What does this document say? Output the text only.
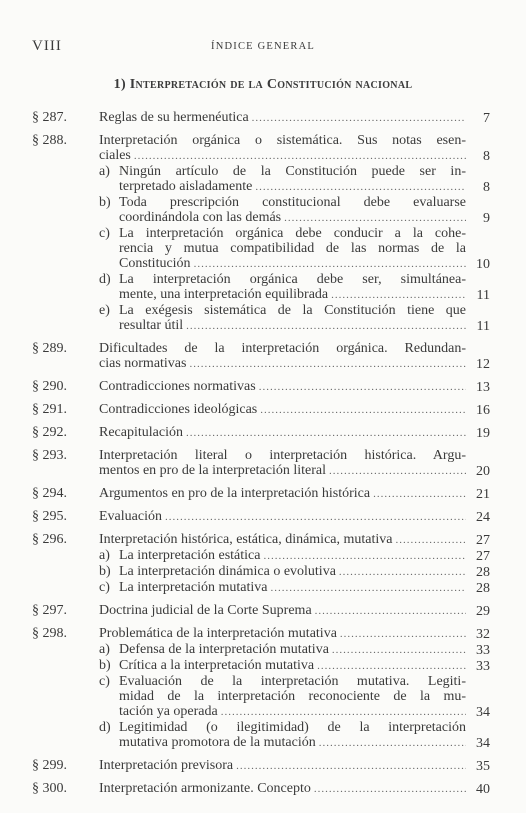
VIII	ÍNDICE GENERAL
1) Interpretación de la Constitución nacional
§ 287.	Reglas de su hermenéutica .....	7
§ 288.	Interpretación orgánica o sistemática. Sus notas esen-
ciales .....	8
a) Ningún artículo de la Constitución puede ser in-
terpretado aisladamente .....	8
b) Toda prescripción constitucional debe evaluarse
coordinándola con las demás .....	9
c) La interpretación orgánica debe conducir a la cohe-
rencia y mutua compatibilidad de las normas de la
Constitución .....	10
d) La interpretación orgánica debe ser, simultánea-
mente, una interpretación equilibrada .....	11
e) La exégesis sistemática de la Constitución tiene que
resultar útil .....	11
§ 289.	Dificultades de la interpretación orgánica. Redundan-
cias normativas .....	12
§ 290.	Contradicciones normativas .....	13
§ 291.	Contradicciones ideológicas .....	16
§ 292.	Recapitulación .....	19
§ 293.	Interpretación literal o interpretación histórica. Argu-
mentos en pro de la interpretación literal .....	20
§ 294.	Argumentos en pro de la interpretación histórica .....	21
§ 295.	Evaluación .....	24
§ 296.	Interpretación histórica, estática, dinámica, mutativa .....	27
a) La interpretación estática .....	27
b) La interpretación dinámica o evolutiva .....	28
c) La interpretación mutativa .....	28
§ 297.	Doctrina judicial de la Corte Suprema .....	29
§ 298.	Problemática de la interpretación mutativa .....	32
a) Defensa de la interpretación mutativa .....	33
b) Crítica a la interpretación mutativa .....	33
c) Evaluación de la interpretación mutativa. Legiti-
midad de la interpretación reconociente de la mu-
tación ya operada .....	34
d) Legitimidad (o ilegitimidad) de la interpretación
mutativa promotora de la mutación .....	34
§ 299.	Interpretación previsora .....	35
§ 300.	Interpretación armonizante. Concepto .....	40
